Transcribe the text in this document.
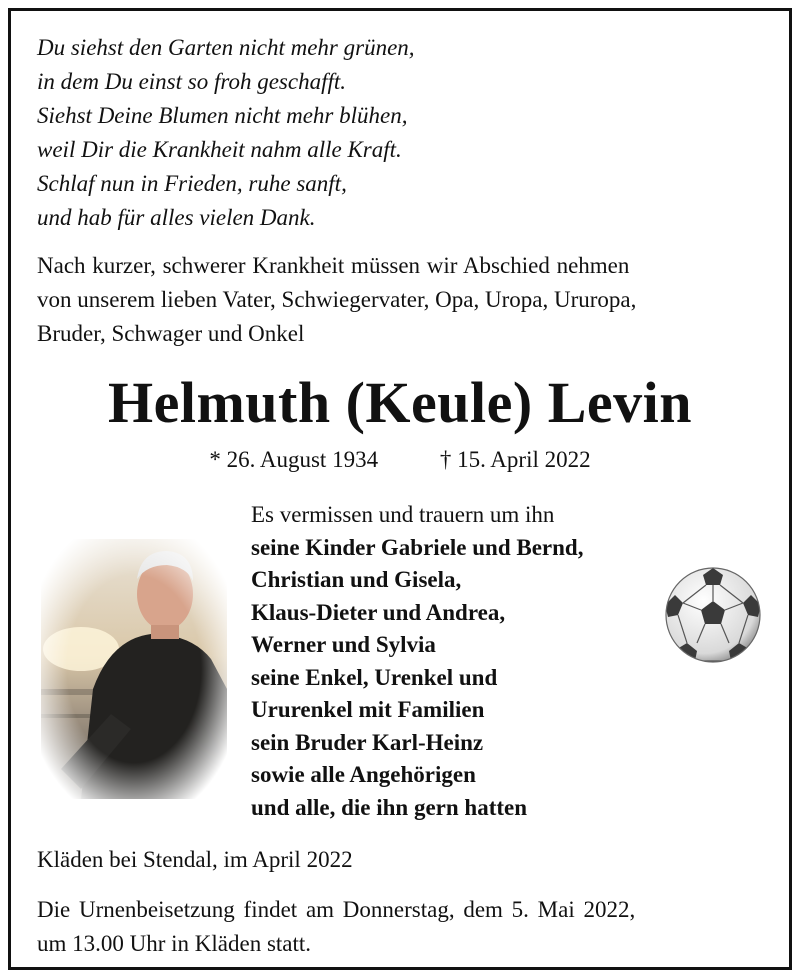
Du siehst den Garten nicht mehr grünen,
in dem Du einst so froh geschafft.
Siehst Deine Blumen nicht mehr blühen,
weil Dir die Krankheit nahm alle Kraft.
Schlaf nun in Frieden, ruhe sanft,
und hab für alles vielen Dank.
Nach kurzer, schwerer Krankheit müssen wir Abschied nehmen
von unserem lieben Vater, Schwiegervater, Opa, Uropa, Ururopa,
Bruder, Schwager und Onkel
Helmuth (Keule) Levin
* 26. August 1934	† 15. April 2022
Es vermissen und trauern um ihn
seine Kinder Gabriele und Bernd,
Christian und Gisela,
Klaus-Dieter und Andrea,
Werner und Sylvia
seine Enkel, Urenkel und
Ururenkel mit Familien
sein Bruder Karl-Heinz
sowie alle Angehörigen
und alle, die ihn gern hatten
Kläden bei Stendal, im April 2022
Die Urnenbeisetzung findet am Donnerstag, dem 5. Mai 2022,
um 13.00 Uhr in Kläden statt.
